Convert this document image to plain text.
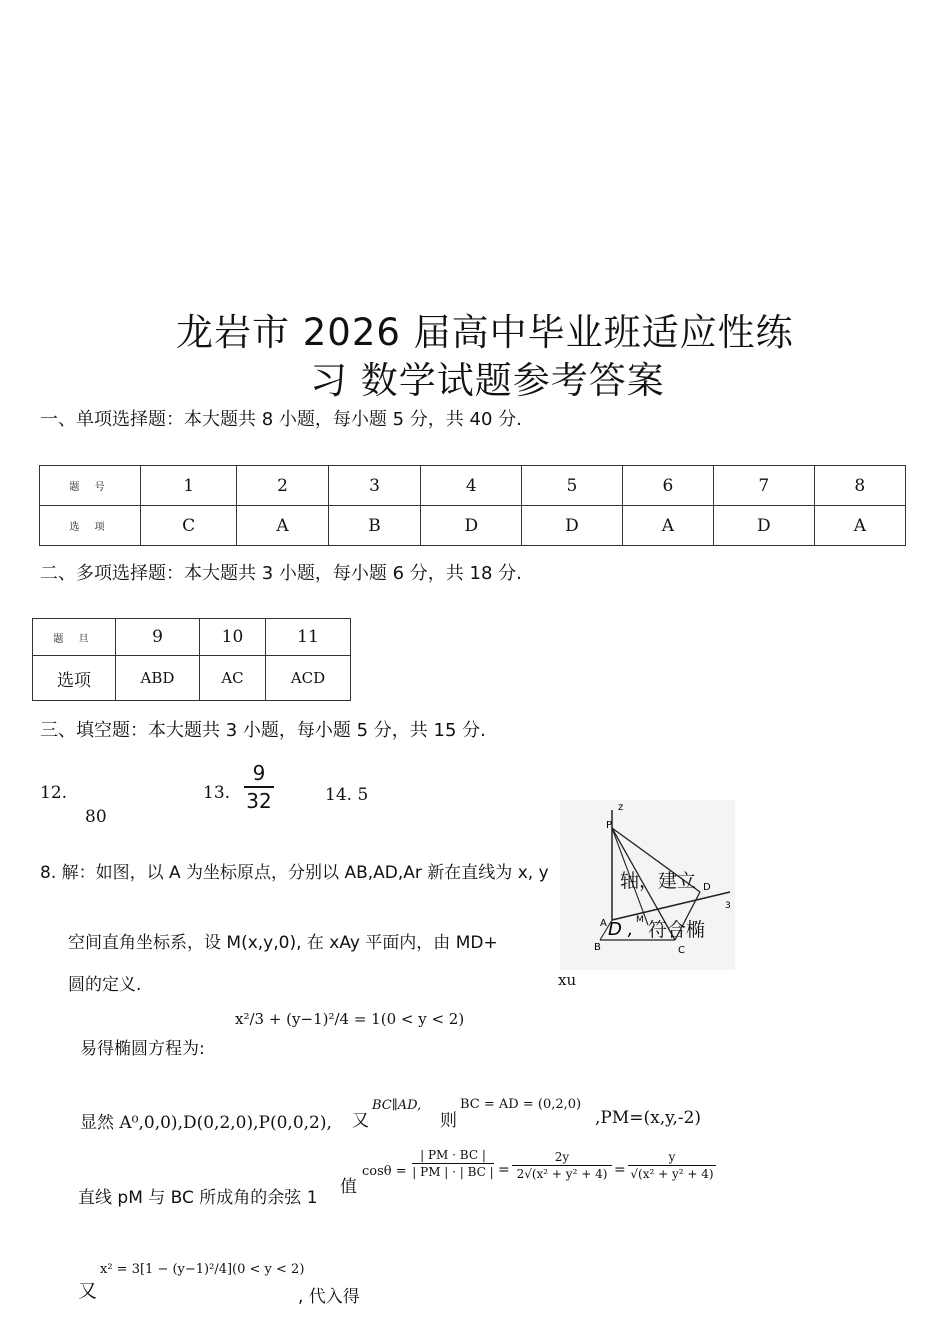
龙岩市 2026 届高中毕业班适应性练
习 数学试题参考答案
一、单项选择题：本大题共 8 小题，每小题 5 分，共 40 分.
题 号	1	2	3	4	5	6	7	8
选 项	C	A	B	D	D	A	D	A
二、多项选择题：本大题共 3 小题，每小题 6 分，共 18 分.
题 旦	9	10	11
选项	ABD	AC	ACD
三、填空题：本大题共 3 小题，每小题 5 分，共 15 分.
12.
80
13.
9
32	14. 5
z
P
A
D
M
B	C
3
D ,
8. 解：如图，以 A 为坐标原点，分别以 AB,AD,Ar 新在直线为 x, y	轴，建立
空间直角坐标系，设 M(x,y,0), 在 xAy 平面内，由 MD+
符合椭
圆的定义.	xu
易得椭圆方程为:
x²/3 + (y−1)²/4 = 1(0 < y < 2)
显然 A⁰,0,0),D(0,2,0),P(0,0,2), 又
BC∥AD,
则
BC = AD = (0,2,0)
,PM=(x,y,-2)
直线 pM 与 BC 所成角的余弦 1
值
cosθ =
| PM · BC |
| PM | · | BC | =
2y
2√(x² + y² + 4) =
y
√(x² + y² + 4)
又
x² = 3[1 − (y−1)²/4](0 < y < 2)
, 代入得
